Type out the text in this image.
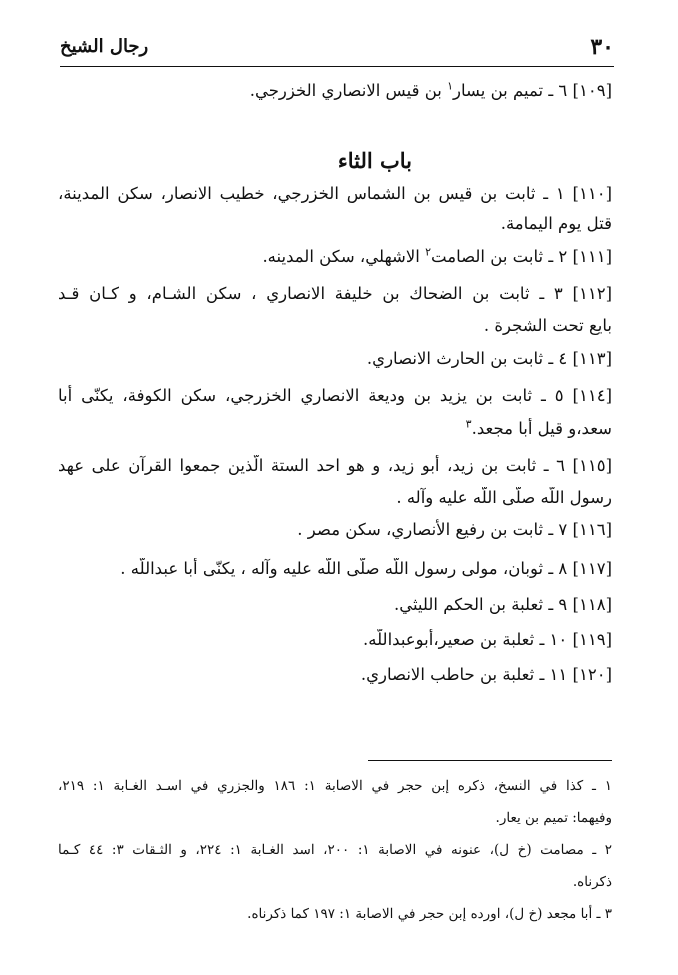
٣٠
رجال الشيخ
[١٠٩] ٦ ـ تميم بن يسار$^١$ بن قيس الانصاري الخزرجي.
باب الثاء
[١١٠] ١ ـ ثابت بن قيس بن الشماس الخزرجي، خطيب الانصار، سكن المدينة،
قتل يوم اليمامة.
[١١١] ٢ ـ ثابت بن الصامت$^٢$ الاشهلي، سكن المدينه.
[١١٢] ٣ ـ ثابت بن الضحاك بن خليفة الانصاري ، سكن الشـام، و كـان قـد
بايع تحت الشجرة .
[١١٣] ٤ ـ ثابت بن الحارث الانصاري.
[١١٤] ٥ ـ ثابت بن يزيد بن وديعة الانصاري الخزرجي، سكن الكوفة، يكنّى أبا
سعد،و قيل أبا مجعد.$^٣$
[١١٥] ٦ ـ ثابت بن زيد، أبو زيد، و هو احد الستة الّذين جمعوا القرآن على عهد
رسول اللّه صلّى اللّه عليه وآله .
[١١٦] ٧ ـ ثابت بن رفيع الأنصاري، سكن مصر .
[١١٧] ٨ ـ ثوبان، مولى رسول اللّه صلّى اللّه عليه وآله ، يكنّى أبا عبداللّه .
[١١٨] ٩ ـ ثعلبة بن الحكم الليثي.
[١١٩] ١٠ ـ ثعلبة بن صعير،أبوعبداللّه.
[١٢٠] ١١ ـ ثعلبة بن حاطب الانصاري.
١ ـ كذا في النسخ، ذكره إبن حجر في الاصابة ١: ١٨٦ والجزري في اسـد الغـابة ١: ٢١٩،
وفيهما: تميم بن يعار.
٢ ـ مصامت (خ ل)، عنونه في الاصابة ١: ٢٠٠، اسد الغـابة ١: ٢٢٤، و الثـقات ٣: ٤٤ كـما
ذكرناه.
٣ ـ أبا مجعد (خ ل)، اورده إبن حجر في الاصابة ١: ١٩٧ كما ذكرناه.
